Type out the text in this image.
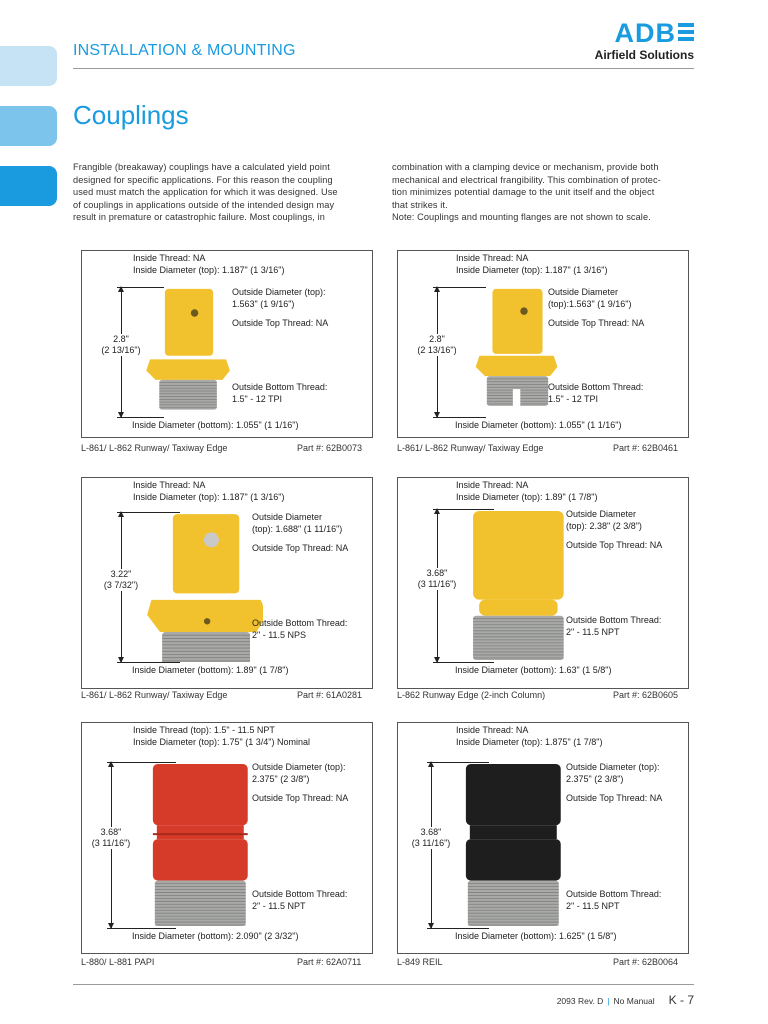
INSTALLATION & MOUNTING
ADB
Airfield Solutions
Couplings
Frangible (breakaway) couplings have a calculated yield point
designed for specific applications. For this reason the coupling
used must match the application for which it was designed. Use
of couplings in applications outside of the intended design may
result in premature or catastrophic failure. Most couplings, in
combination with a clamping device or mechanism, provide both
mechanical and electrical frangibility. This combination of protec-
tion minimizes potential damage to the unit itself and the object
that strikes it.
Note: Couplings and mounting flanges are not shown to scale.
Inside Thread: NA
Inside Diameter (top): 1.187" (1 3/16")
Outside Diameter (top):
1.563" (1 9/16")
Outside Top Thread: NA
Outside Bottom Thread:
1.5" - 12 TPI
2.8"
(2 13/16")
Inside Diameter (bottom): 1.055" (1 1/16")
L-861/ L-862 Runway/ Taxiway Edge	Part #: 62B0073
Inside Thread: NA
Inside Diameter (top): 1.187" (1 3/16")
Outside Diameter
(top):1.563" (1 9/16")
Outside Top Thread: NA
Outside Bottom Thread:
1.5" - 12 TPI
2.8"
(2 13/16")
Inside Diameter (bottom): 1.055" (1 1/16")
L-861/ L-862 Runway/ Taxiway Edge	Part #: 62B0461
Inside Thread: NA
Inside Diameter (top): 1.187" (1 3/16")
Outside Diameter
(top): 1.688" (1 11/16")
Outside Top Thread: NA
Outside Bottom Thread:
2" - 11.5 NPS
3.22"
(3 7/32")
Inside Diameter (bottom): 1.89" (1 7/8")
L-861/ L-862 Runway/ Taxiway Edge	Part #: 61A0281
Inside Thread: NA
Inside Diameter (top): 1.89" (1 7/8")
Outside Diameter
(top): 2.38" (2 3/8")
Outside Top Thread: NA
Outside Bottom Thread:
2" - 11.5 NPT
3.68"
(3 11/16")
Inside Diameter (bottom): 1.63" (1 5/8")
L-862 Runway Edge (2-inch Column)	Part #: 62B0605
Inside Thread (top): 1.5" - 11.5 NPT
Inside Diameter (top): 1.75" (1 3/4") Nominal
Outside Diameter (top):
2.375" (2 3/8")
Outside Top Thread: NA
Outside Bottom Thread:
2" - 11.5 NPT
3.68"
(3 11/16")
Inside Diameter (bottom): 2.090" (2 3/32")
L-880/ L-881 PAPI	Part #: 62A0711
Inside Thread: NA
Inside Diameter (top): 1.875" (1 7/8")
Outside Diameter (top):
2.375" (2 3/8")
Outside Top Thread: NA
Outside Bottom Thread:
2" - 11.5 NPT
3.68"
(3 11/16")
Inside Diameter (bottom): 1.625" (1 5/8")
L-849 REIL	Part #: 62B0064
2093 Rev. D | No Manual K - 7
